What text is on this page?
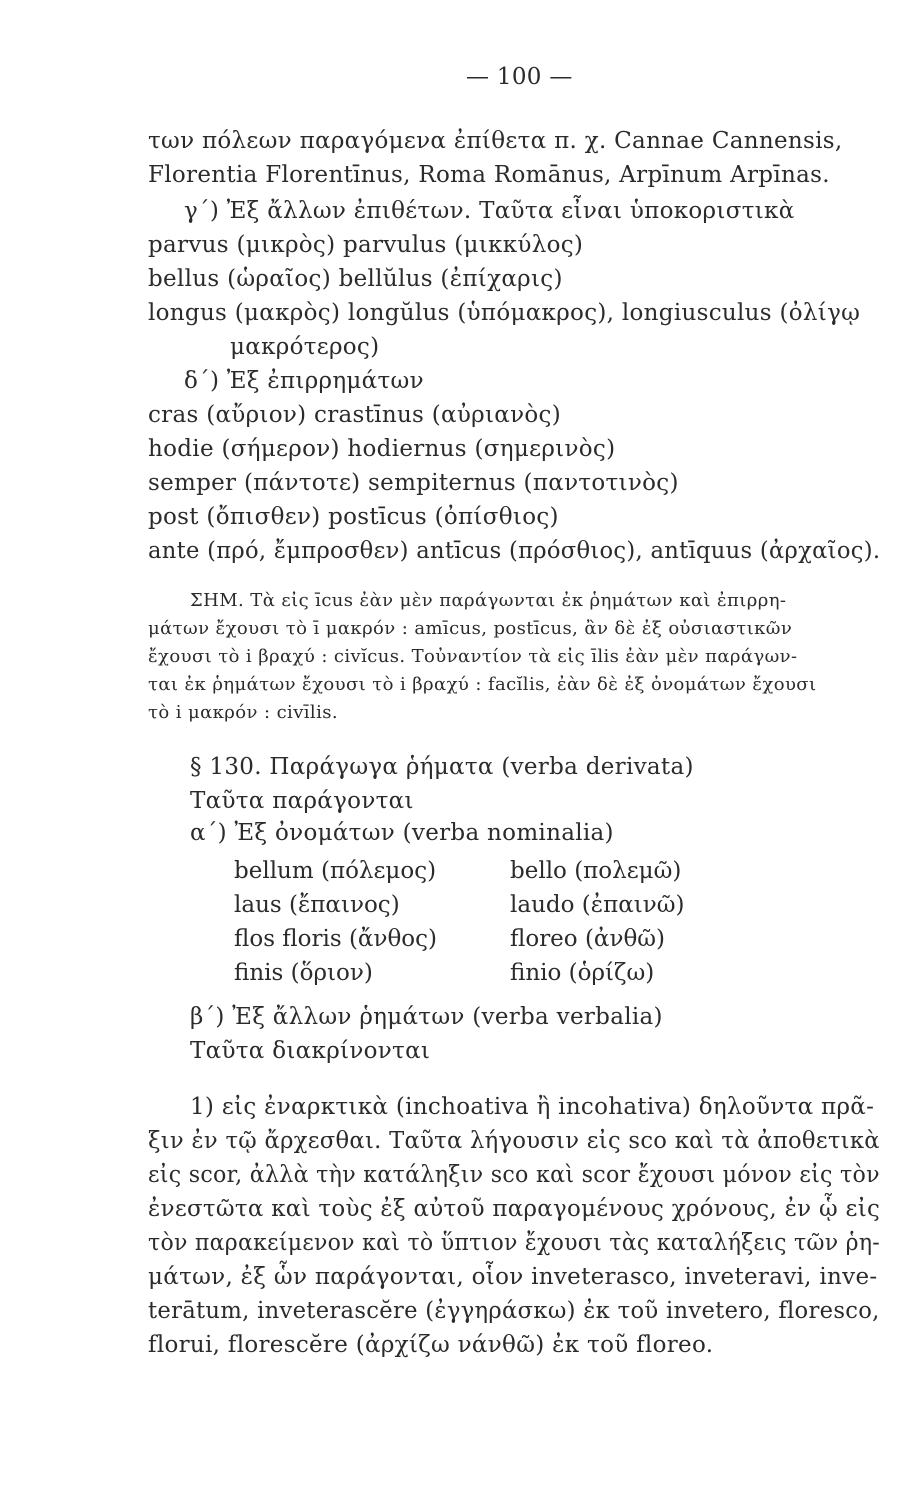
— 100 —
των πόλεων παραγόμενα ἐπίθετα π. χ. Cannae Cannensis,
Florentia Florentīnus, Roma Romānus, Arpīnum Arpīnas.
γ΄) Ἐξ ἄλλων ἐπιθέτων. Ταῦτα εἶναι ὑποκοριστικὰ
parvus (μικρὸς) parvulus (μικκύλος)
bellus (ὡραῖος) bellŭlus (ἐπίχαρις)
longus (μακρὸς) longŭlus (ὑπόμακρος), longiusculus (ὀλίγῳ
μακρότερος)
δ΄) Ἐξ ἐπιρρημάτων
cras (αὔριον) crastīnus (αὐριανὸς)
hodie (σήμερον) hodiernus (σημερινὸς)
semper (πάντοτε) sempiternus (παντοτινὸς)
post (ὄπισθεν) postīcus (ὀπίσθιος)
ante (πρό, ἔμπροσθεν) antīcus (πρόσθιος), antīquus (ἀρχαῖος).
ΣΗΜ. Τὰ εἰς īcus ἐὰν μὲν παράγωνται ἐκ ῥημάτων καὶ ἐπιρρη-
μάτων ἔχουσι τὸ ī μακρόν : amīcus, postīcus, ἂν δὲ ἐξ οὐσιαστικῶν
ἔχουσι τὸ i βραχύ : civĭcus. Τοὐναντίον τὰ εἰς īlis ἐὰν μὲν παράγων-
ται ἐκ ῥημάτων ἔχουσι τὸ i βραχύ : facĭlis, ἐὰν δὲ ἐξ ὀνομάτων ἔχουσι
τὸ i μακρόν : civīlis.
§ 130. Παράγωγα ῥήματα (verba derivata)
Ταῦτα παράγονται
α΄) Ἐξ ὀνομάτων (verba nominalia)
bellum (πόλεμος)	bello (πολεμῶ)
laus (ἔπαινος)	laudo (ἐπαινῶ)
flos floris (ἄνθος)	floreo (ἀνθῶ)
finis (ὅριον)	finio (ὁρίζω)
β΄) Ἐξ ἄλλων ῥημάτων (verba verbalia)
Ταῦτα διακρίνονται
1) εἰς ἐναρκτικὰ (inchoativa ἢ incohativa) δηλοῦντα πρᾶ-
ξιν ἐν τῷ ἄρχεσθαι. Ταῦτα λήγουσιν εἰς sco καὶ τὰ ἀποθετικὰ
εἰς scor, ἀλλὰ τὴν κατάληξιν sco καὶ scor ἔχουσι μόνον εἰς τὸν
ἐνεστῶτα καὶ τοὺς ἐξ αὐτοῦ παραγομένους χρόνους, ἐν ᾧ εἰς
τὸν παρακείμενον καὶ τὸ ὕπτιον ἔχουσι τὰς καταλήξεις τῶν ῥη-
μάτων, ἐξ ὧν παράγονται, οἷον inveterasco, inveteravi, inve-
terātum, inveterascĕre (ἐγγηράσκω) ἐκ τοῦ invetero, floresco,
florui, florescĕre (ἀρχίζω νάνθῶ) ἐκ τοῦ floreo.
